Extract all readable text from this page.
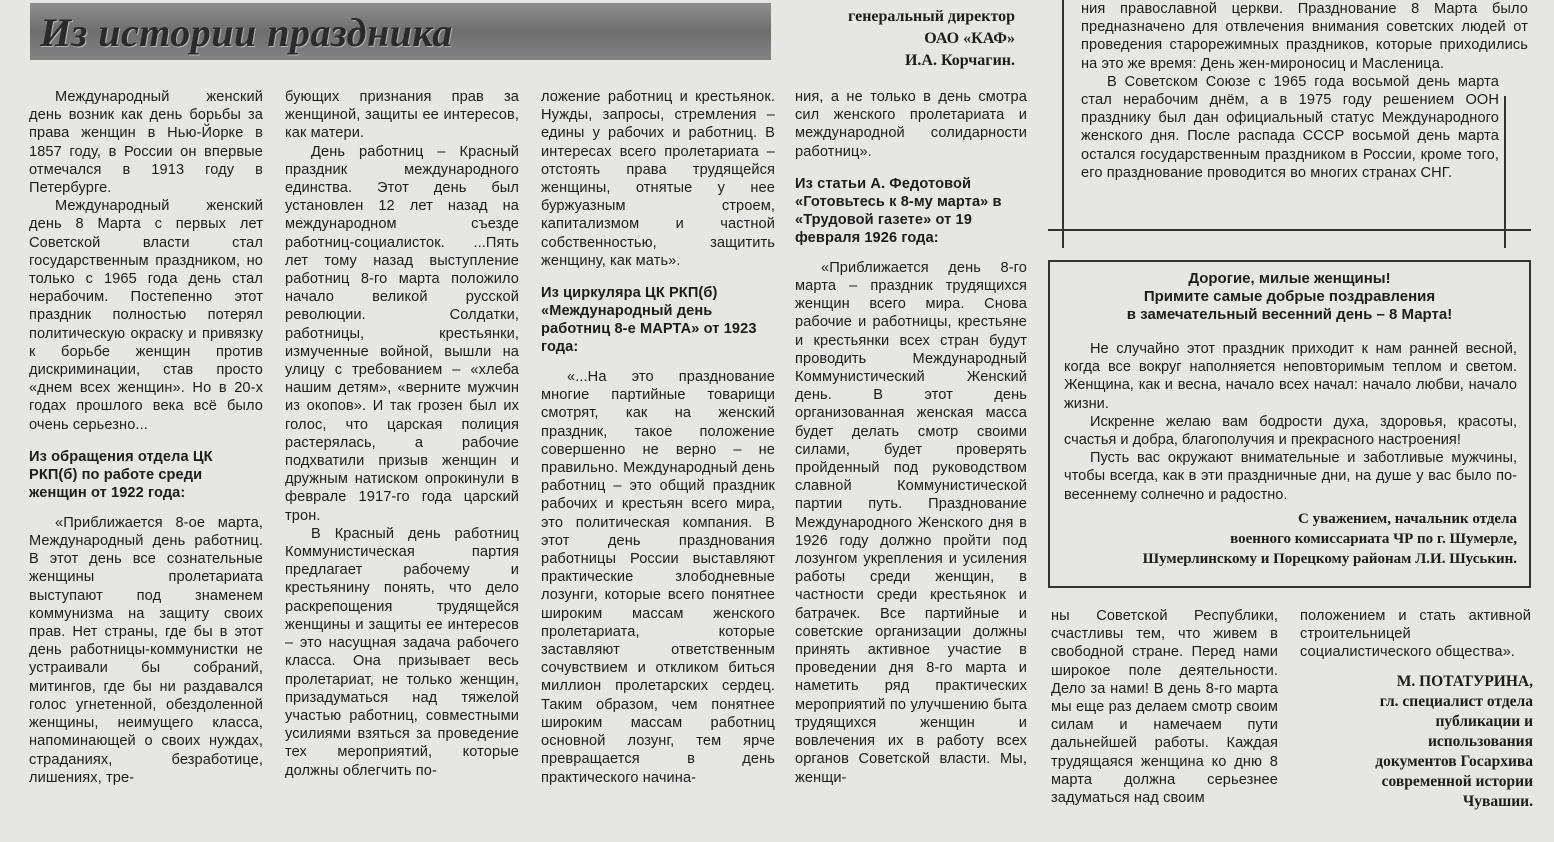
Из истории праздника	генеральный директор
ОАО «КАФ»
И.А. Корчагин.

Международный женский день возник как день борьбы за права женщин в Нью-Йорке в 1857 году, в России он впервые отмечался в 1913 году в Петербурге.

Международный женский день 8 Марта с первых лет Советской власти стал государственным праздником, но только с 1965 года день стал нерабочим. Постепенно этот праздник полностью потерял политическую окраску и привязку к борьбе женщин против дискриминации, став просто «днем всех женщин». Но в 20-х годах прошлого века всё было очень серьезно...

Из обращения отдела ЦК РКП(б) по работе среди женщин от 1922 года:

«Приближается 8-ое марта, Международный день работниц. В этот день все сознательные женщины пролетариата выступают под знаменем коммунизма на защиту своих прав. Нет страны, где бы в этот день работницы-коммунистки не устраивали бы собраний, митингов, где бы ни раздавался голос угнетенной, обездоленной женщины, неимущего класса, напоминающей о своих нуждах, страданиях, безработице, лишениях, тре-

бующих признания прав за женщиной, защиты ее интересов, как матери.

День работниц – Красный праздник международного единства. Этот день был установлен 12 лет назад на международном съезде работниц-социалисток. ...Пять лет тому назад выступление работниц 8-го марта положило начало великой русской революции. Солдатки, работницы, крестьянки, измученные войной, вышли на улицу с требованием – «хлеба нашим детям», «верните мужчин из окопов». И так грозен был их голос, что царская полиция растерялась, а рабочие подхватили призыв женщин и дружным натиском опрокинули в феврале 1917-го года царский трон.

В Красный день работниц Коммунистическая партия предлагает рабочему и крестьянину понять, что дело раскрепощения трудящейся женщины и защиты ее интересов – это насущная задача рабочего класса. Она призывает весь пролетариат, не только женщин, призадуматься над тяжелой участью работниц, совместными усилиями взяться за проведение тех мероприятий, которые должны облегчить по-

ложение работниц и крестьянок. Нужды, запросы, стремления – едины у рабочих и работниц. В интересах всего пролетариата – отстоять права трудящейся женщины, отнятые у нее буржуазным строем, капитализмом и частной собственностью, защитить женщину, как мать».

Из циркуляра ЦК РКП(б) «Международный день работниц 8-е МАРТА» от 1923 года:

«...На это празднование многие партийные товарищи смотрят, как на женский праздник, такое положение совершенно не верно – не правильно. Международный день работниц – это общий праздник рабочих и крестьян всего мира, это политическая компания. В этот день празднования работницы России выставляют практические злободневные лозунги, которые всего понятнее широким массам женского пролетариата, которые заставляют ответственным сочувствием и откликом биться миллион пролетарских сердец. Таким образом, чем понятнее широким массам работниц основной лозунг, тем ярче превращается в день практического начина-

ния, а не только в день смотра сил женского пролетариата и международной солидарности работниц».

Из статьи А. Федотовой «Готовьтесь к 8-му марта» в «Трудовой газете» от 19 февраля 1926 года:

«Приближается день 8-го марта – праздник трудящихся женщин всего мира. Снова рабочие и работницы, крестьяне и крестьянки всех стран будут проводить Международный Коммунистический Женский день. В этот день организованная женская масса будет делать смотр своими силами, будет проверять пройденный под руководством славной Коммунистической партии путь. Празднование Международного Женского дня в 1926 году должно пройти под лозунгом укрепления и усиления работы среди женщин, в частности среди крестьянок и батрачек. Все партийные и советские организации должны принять активное участие в проведении дня 8-го марта и наметить ряд практических мероприятий по улучшению быта трудящихся женщин и вовлечения их в работу всех органов Советской власти. Мы, женщи-

ния православной церкви. Празднование 8 Марта было предназначено для отвлечения внимания советских людей от проведения старорежимных праздников, которые приходились на это же время: День жен-мироносиц и Масленица.

В Советском Союзе с 1965 года восьмой день марта стал нерабочим днём, а в 1975 году решением ООН празднику был дан официальный статус Международного женского дня. После распада СССР восьмой день марта остался государственным праздником в России, кроме того, его празднование проводится во многих странах СНГ.

Дорогие, милые женщины!
Примите самые добрые поздравления
в замечательный весенний день – 8 Марта!

Не случайно этот праздник приходит к нам ранней весной, когда все вокруг наполняется неповторимым теплом и светом. Женщина, как и весна, начало всех начал: начало любви, начало жизни.

Искренне желаю вам бодрости духа, здоровья, красоты, счастья и добра, благополучия и прекрасного настроения!

Пусть вас окружают внимательные и заботливые мужчины, чтобы всегда, как в эти праздничные дни, на душе у вас было по-весеннему солнечно и радостно.

С уважением, начальник отдела
военного комиссариата ЧР по г. Шумерле,
Шумерлинскому и Порецкому районам Л.И. Шуськин.

ны Советской Республики, счастливы тем, что живем в свободной стране. Перед нами широкое поле деятельности. Дело за нами! В день 8-го марта мы еще раз делаем смотр своим силам и намечаем пути дальнейшей работы. Каждая трудящаяся женщина ко дню 8 марта должна серьезнее задуматься над своим

положением и стать активной строительницей социалистического общества».

М. ПОТАТУРИНА,
гл. специалист отдела
публикации и
использования
документов Госархива
современной истории
Чувашии.
